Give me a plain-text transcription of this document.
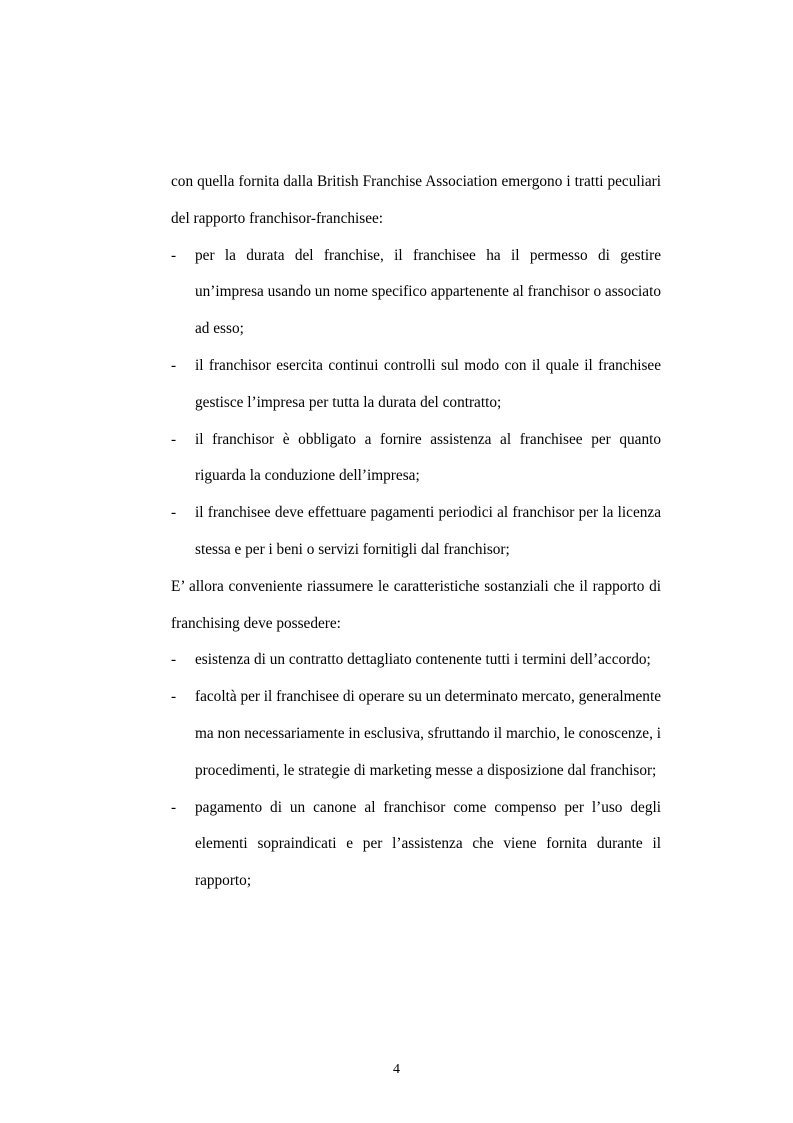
con quella fornita dalla British Franchise Association emergono i tratti peculiari del rapporto franchisor-franchisee:

- per la durata del franchise, il franchisee ha il permesso di gestire un’impresa usando un nome specifico appartenente al franchisor o associato ad esso;
- il franchisor esercita continui controlli sul modo con il quale il franchisee gestisce l’impresa per tutta la durata del contratto;
- il franchisor è obbligato a fornire assistenza al franchisee per quanto riguarda la conduzione dell’impresa;
- il franchisee deve effettuare pagamenti periodici al franchisor per la licenza stessa e per i beni o servizi fornitigli dal franchisor;

E’ allora conveniente riassumere le caratteristiche sostanziali che il rapporto di franchising deve possedere:

- esistenza di un contratto dettagliato contenente tutti i termini dell’accordo;
- facoltà per il franchisee di operare su un determinato mercato, generalmente ma non necessariamente in esclusiva, sfruttando il marchio, le conoscenze, i procedimenti, le strategie di marketing messe a disposizione dal franchisor;
- pagamento di un canone al franchisor come compenso per l’uso degli elementi sopraindicati e per l’assistenza che viene fornita durante il rapporto;
4
